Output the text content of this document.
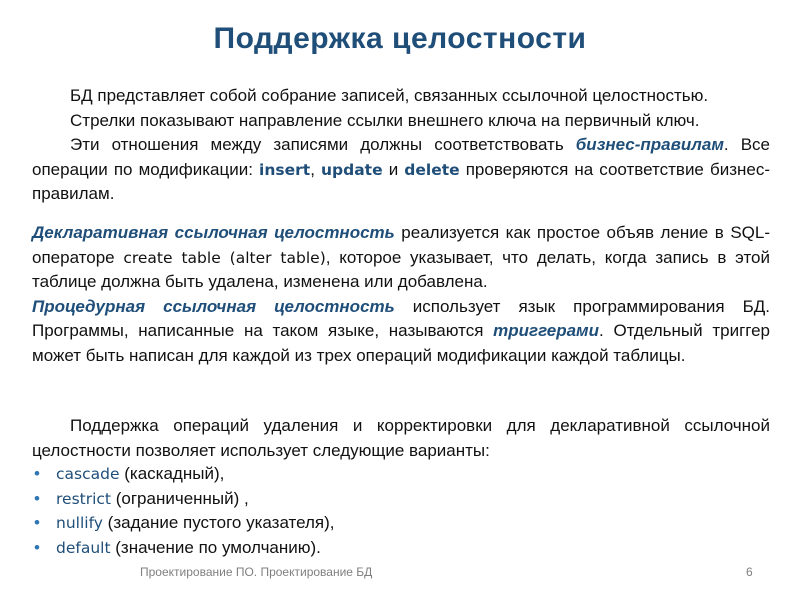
Поддержка целостности

БД представляет собой собрание записей, связанных ссылочной целостностью.

Стрелки показывают направление ссылки внешнего ключа на первичный ключ.

Эти отношения между записями должны соответствовать бизнес-правилам. Все операции по модификации: insert, update и delete проверяются на соответствие бизнес-правилам.

Декларативная ссылочная целостность реализуется как простое объяв ление в SQL-операторе create table (alter table), которое указывает, что делать, когда запись в этой таблице должна быть удалена, изменена или добавлена.

Процедурная ссылочная целостность использует язык программирования БД. Программы, написанные на таком языке, называются триггерами. Отдельный триггер может быть написан для каждой из трех операций модификации каждой таблицы.

Поддержка операций удаления и корректировки для декларативной ссылочной целостности позволяет использует следующие варианты:

• cascade (каскадный),
• restrict (ограниченный) ,
• nullify (задание пустого указателя),
• default (значение по умолчанию).
Проектирование ПО. Проектирование БД	6
